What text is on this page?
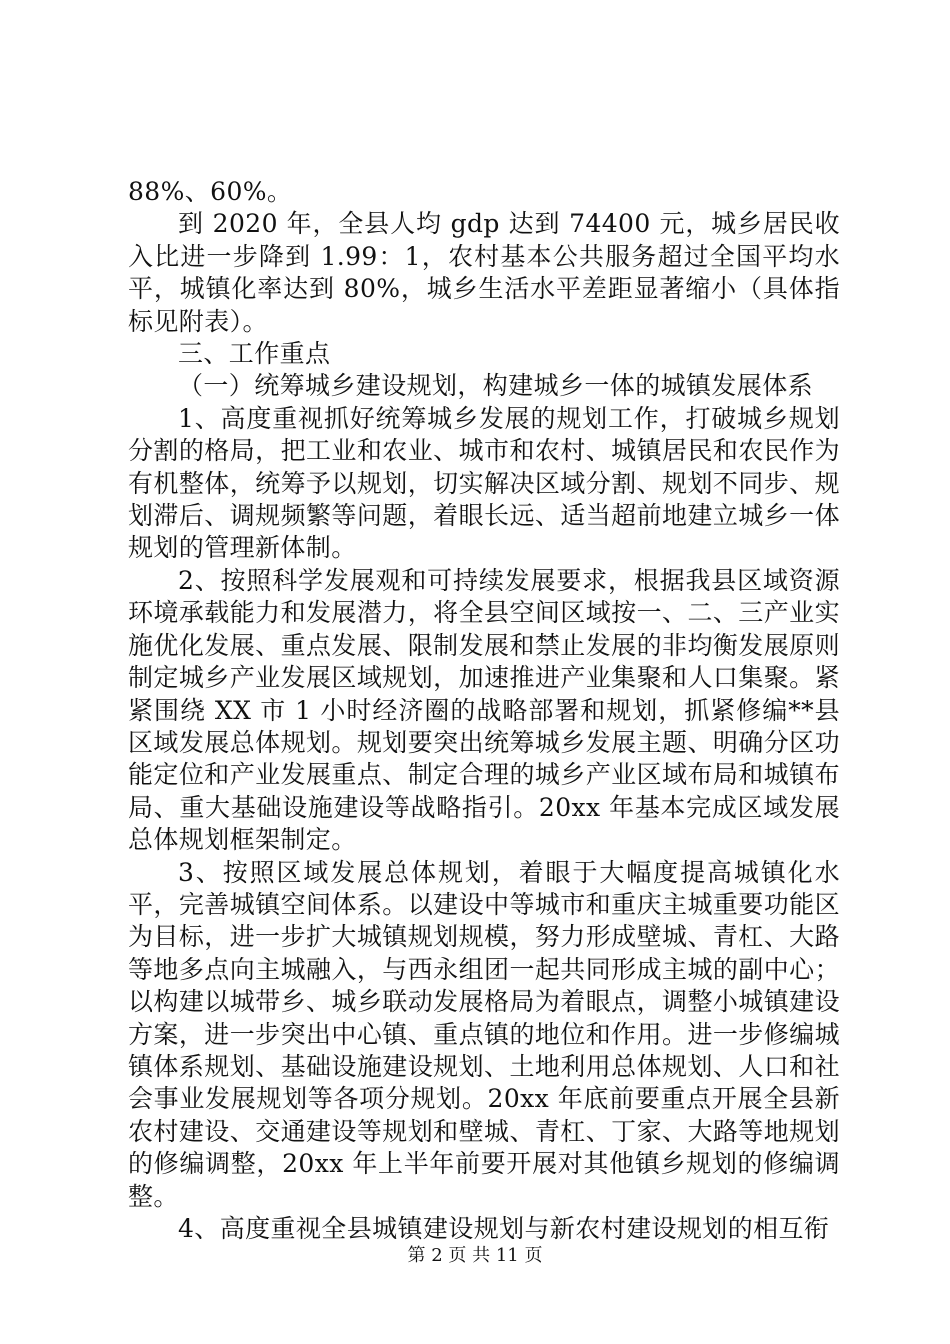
88%、60%。

到 2020 年，全县人均 gdp 达到 74400 元，城乡居民收入比进一步降到 1.99：1，农村基本公共服务超过全国平均水平，城镇化率达到 80%，城乡生活水平差距显著缩小（具体指标见附表）。

三、工作重点

（一）统筹城乡建设规划，构建城乡一体的城镇发展体系

1、高度重视抓好统筹城乡发展的规划工作，打破城乡规划分割的格局，把工业和农业、城市和农村、城镇居民和农民作为有机整体，统筹予以规划，切实解决区域分割、规划不同步、规划滞后、调规频繁等问题，着眼长远、适当超前地建立城乡一体规划的管理新体制。

2、按照科学发展观和可持续发展要求，根据我县区域资源环境承载能力和发展潜力，将全县空间区域按一、二、三产业实施优化发展、重点发展、限制发展和禁止发展的非均衡发展原则制定城乡产业发展区域规划，加速推进产业集聚和人口集聚。紧紧围绕 XX 市 1 小时经济圈的战略部署和规划，抓紧修编**县区域发展总体规划。规划要突出统筹城乡发展主题、明确分区功能定位和产业发展重点、制定合理的城乡产业区域布局和城镇布局、重大基础设施建设等战略指引。20xx 年基本完成区域发展总体规划框架制定。

3、按照区域发展总体规划，着眼于大幅度提高城镇化水平，完善城镇空间体系。以建设中等城市和重庆主城重要功能区为目标，进一步扩大城镇规划规模，努力形成壁城、青杠、大路等地多点向主城融入，与西永组团一起共同形成主城的副中心；以构建以城带乡、城乡联动发展格局为着眼点，调整小城镇建设方案，进一步突出中心镇、重点镇的地位和作用。进一步修编城镇体系规划、基础设施建设规划、土地利用总体规划、人口和社会事业发展规划等各项分规划。20xx 年底前要重点开展全县新农村建设、交通建设等规划和壁城、青杠、丁家、大路等地规划的修编调整，20xx 年上半年前要开展对其他镇乡规划的修编调整。

4、高度重视全县城镇建设规划与新农村建设规划的相互衔

第 2 页 共 11 页
